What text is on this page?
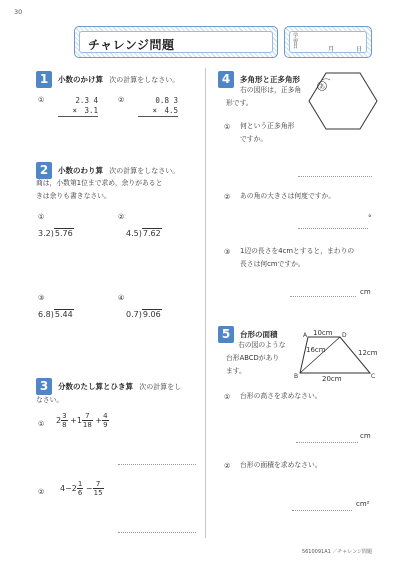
30
チャレンジ問題
学習日	月	日
1	小数のかけ算 次の計算をしなさい。
①	2.3 4
×　3.1
②	0.8 3
×　4.5
2	小数のわり算 次の計算をしなさい。
商は，小数第1位まで求め，余りがあると
きは余りも書きなさい。
①
3.2)5.76
②
4.5)7.62
③
6.8)5.44
④
0.7)9.06
3	分数のたし算とひき算 次の計算をし
なさい。
① $2 \frac{3}{8} +1 \frac{7}{18} + \frac{4}{9}$
② $4-2 \frac{1}{6} - \frac{7}{15}$
4	多角形と正多角形
右の図形は，正多角
形です。
あ
① 何という正多角形
ですか。
② あの角の大きさは何度ですか。
°
③ 1辺の長さを4cmとすると，まわりの
長さは何cmですか。
cm
5	台形の面積
右の図のような
台形ABCDがあり
ます。
A	D
B	C
10cm
16cm	12cm
20cm
① 台形の高さを求めなさい。
cm
② 台形の面積を求めなさい。
cm²
5610091A1 ／チャレンジ問題
